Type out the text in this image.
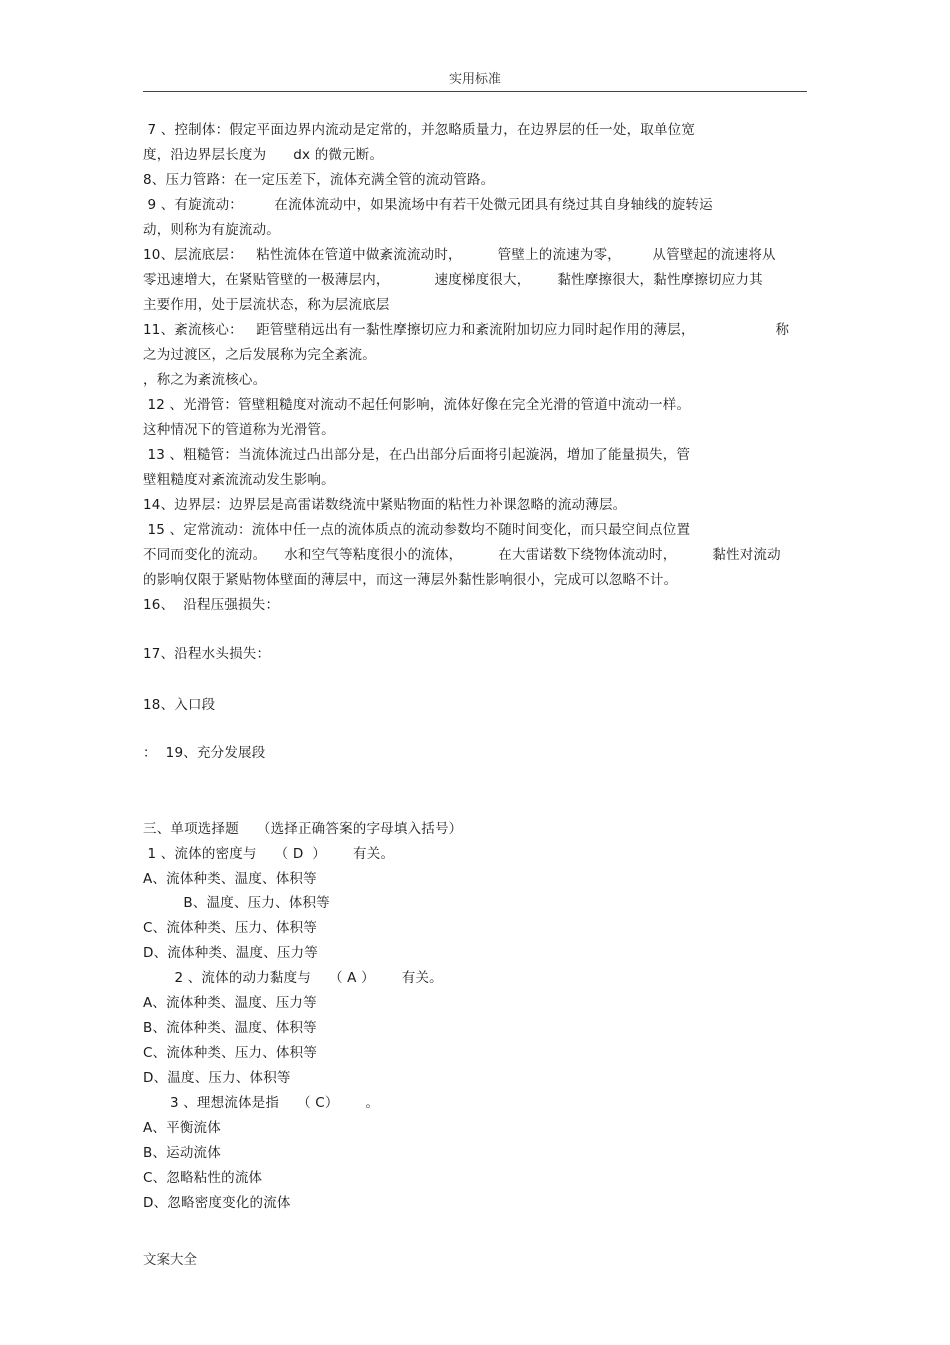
实用标准
7 、控制体：假定平面边界内流动是定常的，并忽略质量力，在边界层的任一处，取单位宽
度，沿边界层长度为      dx 的微元断。
8、压力管路：在一定压差下，流体充满全管的流动管路。
9 、有旋流动：       在流体流动中，如果流场中有若干处微元团具有绕过其自身轴线的旋转运
动，则称为有旋流动。
10、层流底层：   粘性流体在管道中做紊流流动时，        管壁上的流速为零，       从管壁起的流速将从
零迅速增大，在紧贴管壁的一极薄层内，          速度梯度很大，      黏性摩擦很大，黏性摩擦切应力其
主要作用，处于层流状态，称为层流底层
11、紊流核心：   距管壁稍远出有一黏性摩擦切应力和紊流附加切应力同时起作用的薄层，                  称
之为过渡区，之后发展称为完全紊流。
，称之为紊流核心。
12 、光滑管：管壁粗糙度对流动不起任何影响，流体好像在完全光滑的管道中流动一样。
这种情况下的管道称为光滑管。
13 、粗糙管：当流体流过凸出部分是，在凸出部分后面将引起漩涡，增加了能量损失，管
壁粗糙度对紊流流动发生影响。
14、边界层：边界层是高雷诺数绕流中紧贴物面的粘性力补课忽略的流动薄层。
15 、定常流动：流体中任一点的流体质点的流动参数均不随时间变化，而只最空间点位置
不同而变化的流动。    水和空气等粘度很小的流体，        在大雷诺数下绕物体流动时，        黏性对流动
的影响仅限于紧贴物体壁面的薄层中，而这一薄层外黏性影响很小，完成可以忽略不计。
16、  沿程压强损失：
17、沿程水头损失：
18、入口段
：  19、充分发展段
三、单项选择题    （选择正确答案的字母填入括号）
1 、流体的密度与    （ D  ）      有关。
A、流体种类、温度、体积等
B、温度、压力、体积等
C、流体种类、压力、体积等
D、流体种类、温度、压力等
2 、流体的动力黏度与    （ A ）      有关。
A、流体种类、温度、压力等
B、流体种类、温度、体积等
C、流体种类、压力、体积等
D、温度、压力、体积等
3 、理想流体是指    （ C）      。
A、平衡流体
B、运动流体
C、忽略粘性的流体
D、忽略密度变化的流体
文案大全
